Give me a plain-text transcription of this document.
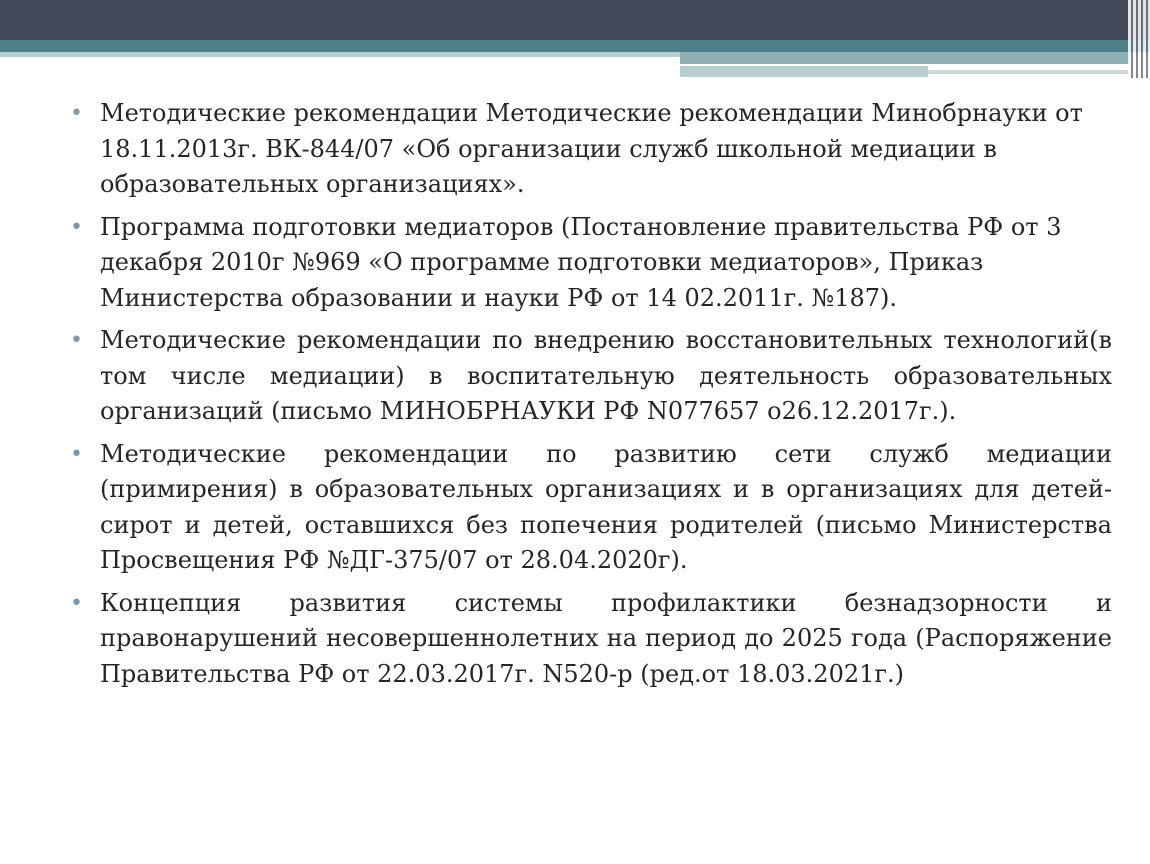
• Методические рекомендации Методические рекомендации Минобрнауки от 18.11.2013г. ВК-844/07 «Об организации служб школьной медиации в образовательных организациях».
• Программа подготовки медиаторов (Постановление правительства РФ от 3 декабря 2010г №969 «О программе подготовки медиаторов», Приказ Министерства образовании и науки РФ от 14 02.2011г. №187).
• Методические рекомендации по внедрению восстановительных технологий(в том числе медиации) в воспитательную деятельность образовательных организаций (письмо МИНОБРНАУКИ РФ N077657 о26.12.2017г.).
• Методические рекомендации по развитию сети служб медиации (примирения) в образовательных организациях и в организациях для детей-сирот и детей, оставшихся без попечения родителей (письмо Министерства Просвещения РФ №ДГ-375/07 от 28.04.2020г).
• Концепция развития системы профилактики безнадзорности и правонарушений несовершеннолетних на период до 2025 года (Распоряжение Правительства РФ от 22.03.2017г. N520-р (ред.от 18.03.2021г.)
